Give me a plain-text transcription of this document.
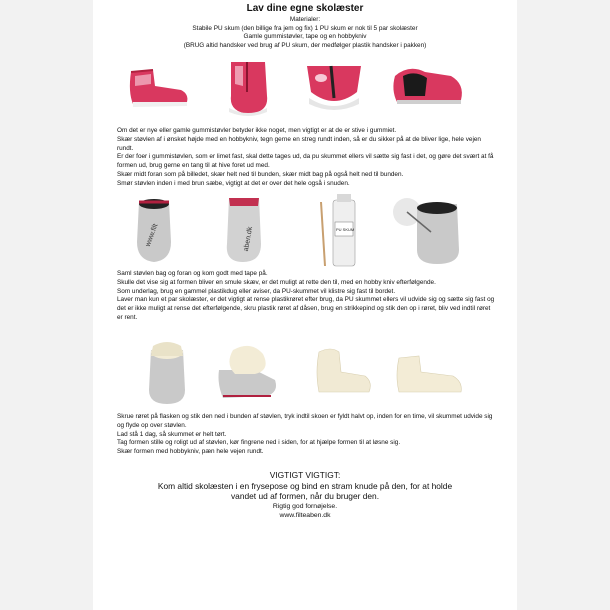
Lav dine egne skolæster
Materialer:
Stabile PU skum (den billige fra jem og fix) 1 PU skum er nok til 5 par skolæster
Gamle gummistøvler, tape og en hobbykniv
(BRUG altid handsker ved brug af PU skum, der medfølger plastik handsker i pakken)

Om det er nye eller gamle gummistøvler betyder ikke noget, men vigtigt er at de er stive i gummiet.

Skær støvlen af i ønsket højde med en hobbykniv, tegn gerne en streg rundt inden, så er du sikker på at de bliver lige, hele vejen rundt.

Er der foer i gummistøvlen, som er limet fast, skal dette tages ud, da pu skummet ellers vil sætte sig fast i det, og gøre det svært at få formen ud, brug gerne en tang til at hive foret ud med.

Skær midt foran som på billedet, skær helt ned til bunden, skær midt bag på også helt ned til bunden.

Smør støvlen inden i med brun sæbe, vigtigt at det er over det hele også i snuden.

www.filt	aben.dk	PU SKUM

Saml støvlen bag og foran og kom godt med tape på.

Skulle det vise sig at formen bliver en smule skæv, er det muligt at rette den til, med en hobby kniv efterfølgende.

Som underlag, brug en gammel plastikdug eller aviser, da PU-skummet vil klistre sig fast til bordet.

Laver man kun et par skolæster, er det vigtigt at rense plastikrøret efter brug, da PU skummet ellers vil udvide sig og sætte sig fast og det er ikke muligt at rense det efterfølgende, skru plastik røret af dåsen, brug en strikkepind og stik den op i røret, bliv ved indtil røret er rent.

Skrue røret på flasken og stik den ned i bunden af støvlen, tryk indtil skoen er fyldt halvt op, inden for en time, vil skummet udvide sig og flyde op over støvlen.

Lad stå 1 dag, så skummet er helt tørt.

Tag formen stille og roligt ud af støvlen, kør fingrene ned i siden, for at hjælpe formen til at løsne sig.

Skær formen med hobbykniv, pæn hele vejen rundt.

VIGTIGT VIGTIGT:
Kom altid skolæsten i en frysepose og bind en stram knude på den, for at holde vandet ud af formen, når du bruger den.
Rigtig god fornøjelse.
www.filteaben.dk
